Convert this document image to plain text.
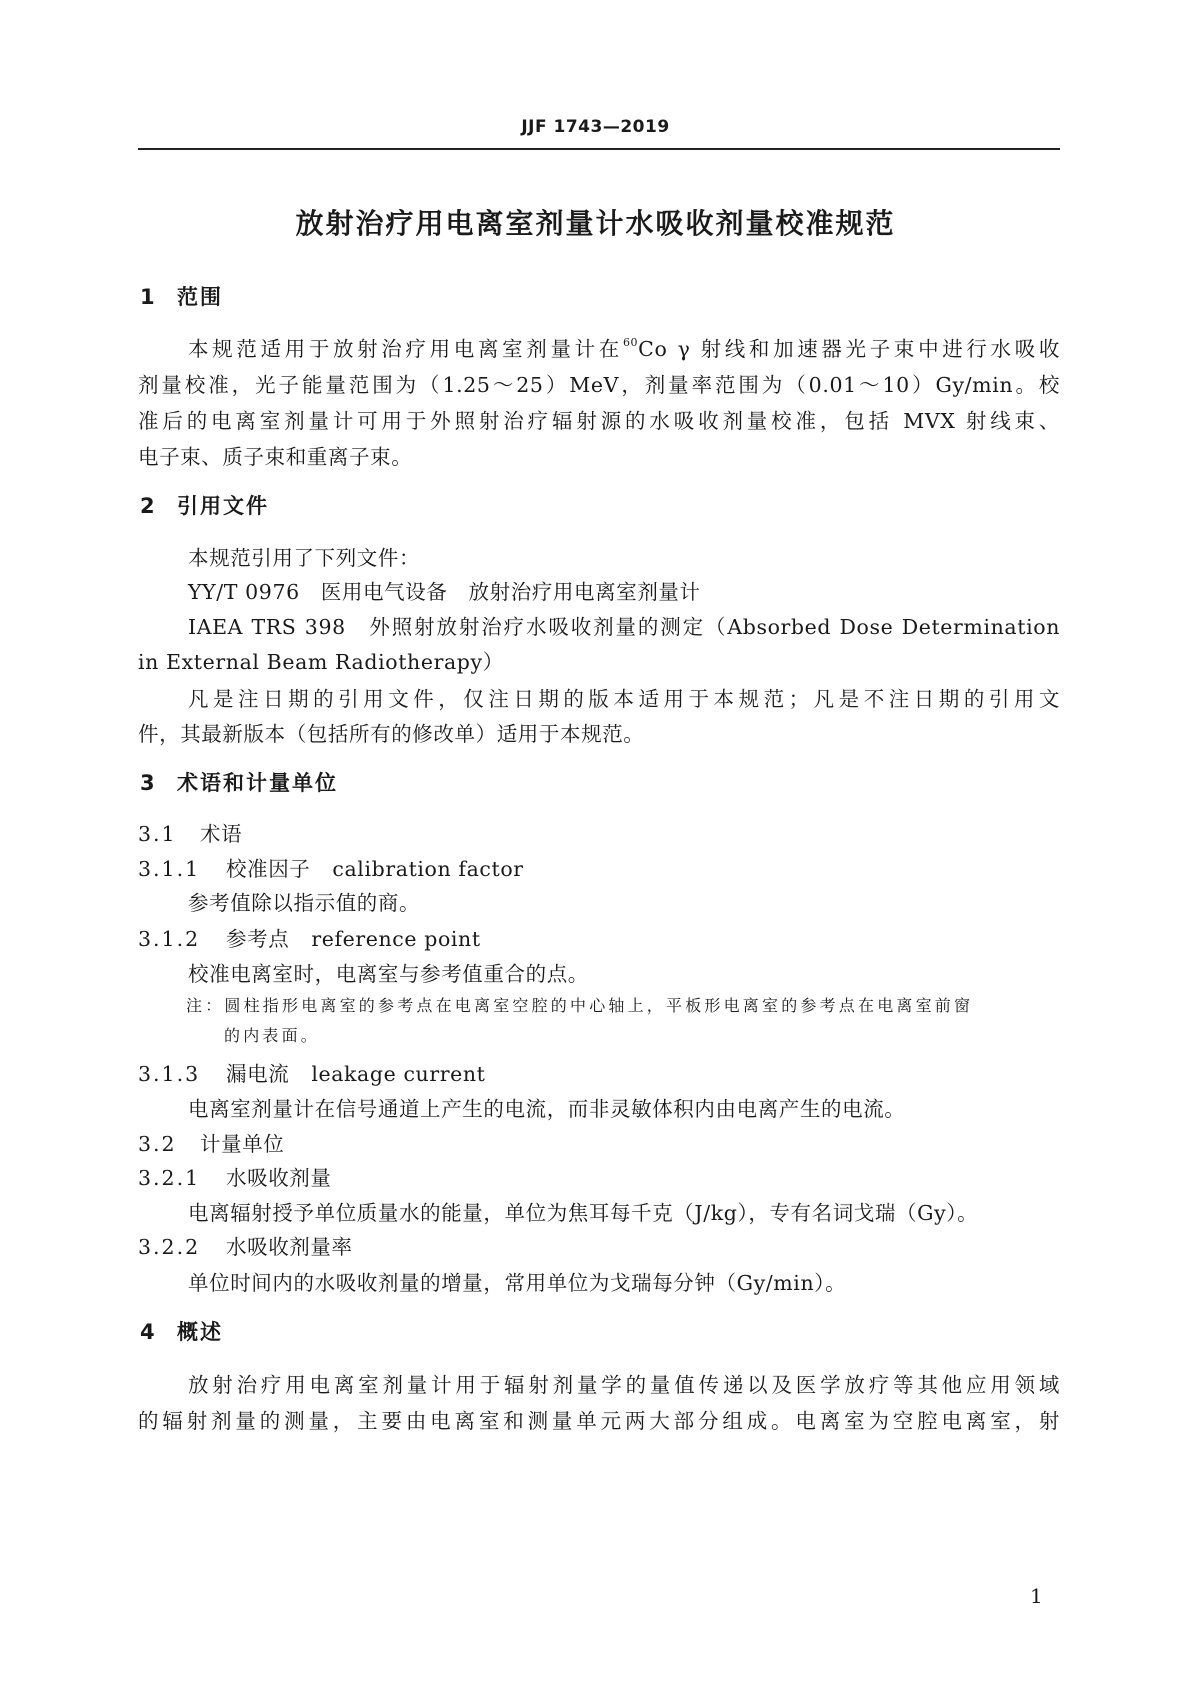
JJF 1743—2019
放射治疗用电离室剂量计水吸收剂量校准规范
1 范围
本规范适用于放射治疗用电离室剂量计在$^{60}$Co γ 射线和加速器光子束中进行水吸收
剂量校准，光子能量范围为（1.25～25）MeV，剂量率范围为（0.01～10）Gy/min。校
准后的电离室剂量计可用于外照射治疗辐射源的水吸收剂量校准，包括 MVX 射线束、
电子束、质子束和重离子束。
2 引用文件
本规范引用了下列文件：
YY/T 0976　医用电气设备　放射治疗用电离室剂量计
IAEA TRS 398　外照射放射治疗水吸收剂量的测定（Absorbed Dose Determination
in External Beam Radiotherapy）
凡是注日期的引用文件，仅注日期的版本适用于本规范；凡是不注日期的引用文
件，其最新版本（包括所有的修改单）适用于本规范。
3 术语和计量单位
3.1 术语
3.1.1 校准因子 calibration factor
参考值除以指示值的商。
3.1.2 参考点 reference point
校准电离室时，电离室与参考值重合的点。
注：圆柱指形电离室的参考点在电离室空腔的中心轴上，平板形电离室的参考点在电离室前窗
的内表面。
3.1.3 漏电流 leakage current
电离室剂量计在信号通道上产生的电流，而非灵敏体积内由电离产生的电流。
3.2 计量单位
3.2.1 水吸收剂量
电离辐射授予单位质量水的能量，单位为焦耳每千克（J/kg），专有名词戈瑞（Gy）。
3.2.2 水吸收剂量率
单位时间内的水吸收剂量的增量，常用单位为戈瑞每分钟（Gy/min）。
4 概述
放射治疗用电离室剂量计用于辐射剂量学的量值传递以及医学放疗等其他应用领域
的辐射剂量的测量，主要由电离室和测量单元两大部分组成。电离室为空腔电离室，射
1
